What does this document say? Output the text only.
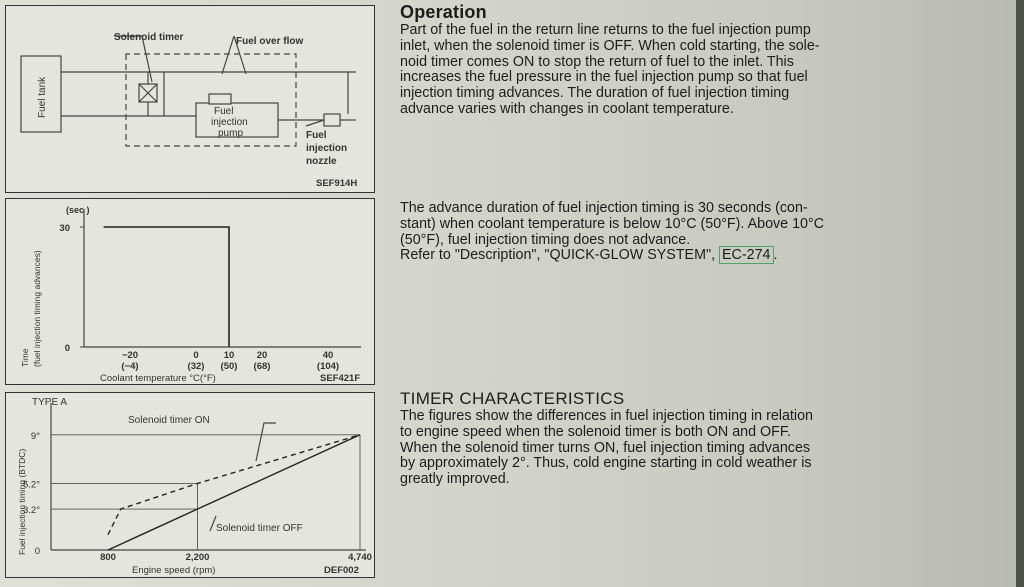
Solenoid timer	Fuel over flow
Fuel tank	Fuel
injection
pump	Fuel
injection
nozzle
SEF914H
(sec )
Time (fuel injection timing advances)
Coolant temperature °C(°F)	SEF421F
−20
(−4)
0
(32)
10
(50)
20
(68)
40
(104)
30
0
TYPE A
Solenoid timer ON
Solenoid timer OFF
Fuel injection timing (BTDC)
Engine speed (rpm)	DEF002
0
3.2°
5.2°
9°
800	2,200	4,740
Operation

Part of the fuel in the return line returns to the fuel injection pump

inlet, when the solenoid timer is OFF. When cold starting, the sole-

noid timer comes ON to stop the return of fuel to the inlet. This

increases the fuel pressure in the fuel injection pump so that fuel

injection timing advances. The duration of fuel injection timing

advance varies with changes in coolant temperature.

The advance duration of fuel injection timing is 30 seconds (con-

stant) when coolant temperature is below 10°C (50°F). Above 10°C

(50°F), fuel injection timing does not advance.

Refer to "Description", "QUICK-GLOW SYSTEM", EC-274 .

TIMER CHARACTERISTICS

The figures show the differences in fuel injection timing in relation

to engine speed when the solenoid timer is both ON and OFF.

When the solenoid timer turns ON, fuel injection timing advances

by approximately 2°. Thus, cold engine starting in cold weather is

greatly improved.
